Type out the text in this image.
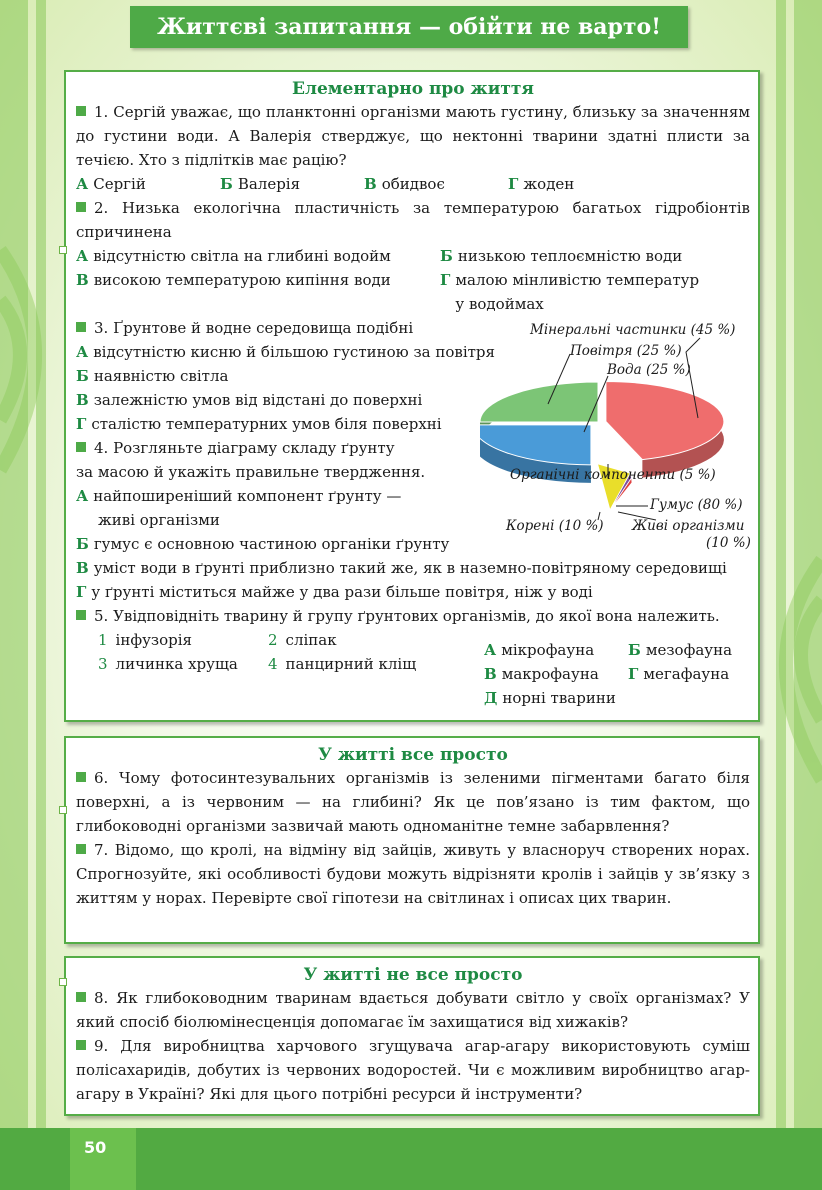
50
Життєві запитання — обійти не варто!
Елементарно про життя
1. Сергій уважає, що планктонні організми мають густину, близьку за значенням до густини води. А Валерія стверджує, що нектонні тварини здатні плисти за течією. Хто з підлітків має рацію?
А Сергій	Б Валерія	В обидвоє	Г жоден
2. Низька екологічна пластичність за температурою багатьох гідробіонтів спричинена
А відсутністю світла на глибині водойм	Б низькою теплоємністю води
В високою температурою кипіння води	Г малою мінливістю температур у водоймах
3. Ґрунтове й водне середовища подібні
А відсутністю кисню й більшою густиною за повітря
Б наявністю світла
В залежністю умов від відстані до поверхні
Г сталістю температурних умов біля поверхні
4. Розгляньте діаграму складу ґрунту
за масою й укажіть правильне твердження.
А найпоширеніший компонент ґрунту —
живі організми
Б гумус є основною частиною органіки ґрунту
В уміст води в ґрунті приблизно такий же, як в наземно-повітряному середовищі
Г у ґрунті міститься майже у два рази більше повітря, ніж у воді
5. Увідповідніть тварину й групу ґрунтових організмів, до якої вона належить.
1 інфузорія	2 сліпак
3 личинка хруща	4 панцирний кліщ
А мікрофауна	Б мезофауна
В макрофауна	Г мегафауна
Д норні тварини
Мінеральні частинки (45 %)
Повітря (25 %)
Вода (25 %)
Органічні компоненти (5 %)
Гумус (80 %)
Корені (10 %) Живі організми
(10 %)
У житті все просто
6. Чому фотосинтезувальних організмів із зеленими пігментами багато біля поверхні, а із червоним — на глибині? Як це пов’язано із тим фактом, що глибоководні організми зазвичай мають одноманітне темне забарвлення?
7. Відомо, що кролі, на відміну від зайців, живуть у власноруч створених норах. Спрогнозуйте, які особливості будови можуть відрізняти кролів і зайців у зв’язку з життям у норах. Перевірте свої гіпотези на світлинах і описах цих тварин.
У житті не все просто
8. Як глибоководним тваринам вдається добувати світло у своїх організмах? У який спосіб біолюмінесценція допомагає їм захищатися від хижаків?
9. Для виробництва харчового згущувача агар-агару використовують суміш полісахаридів, добутих із червоних водоростей. Чи є можливим виробництво агар-агару в Україні? Які для цього потрібні ресурси й інструменти?
